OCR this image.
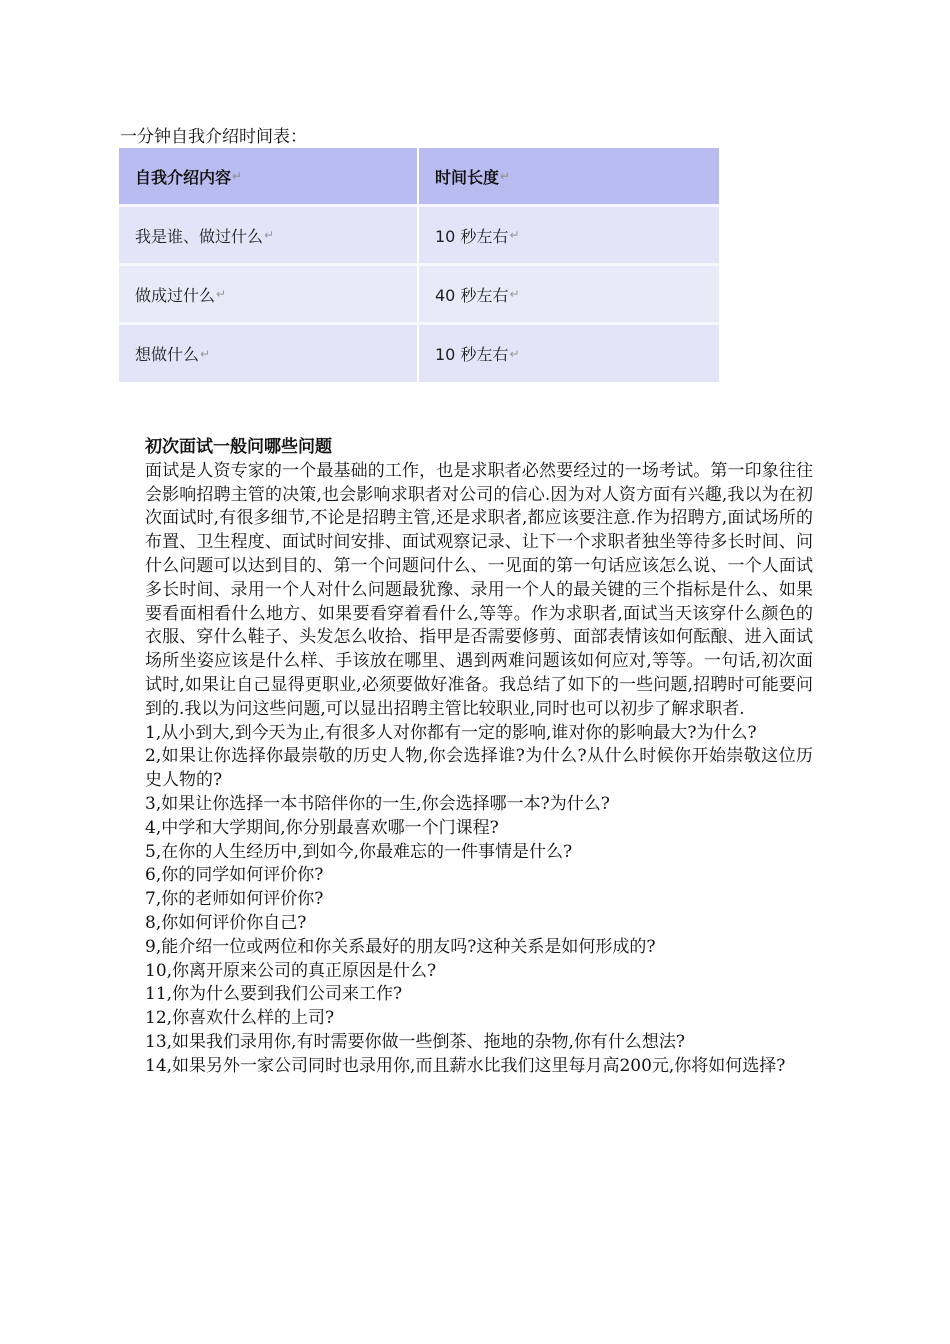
一分钟自我介绍时间表：
自我介绍内容 ↵	时间长度 ↵
我是谁、做过什么 ↵	10 秒左右 ↵
做成过什么 ↵	40 秒左右 ↵
想做什么 ↵	10 秒左右 ↵
初次面试一般问哪些问题

面试是人资专家的一个最基础的工作，也是求职者必然要经过的一场考试。第一印象往往会影响招聘主管的决策,也会影响求职者对公司的信心.因为对人资方面有兴趣,我以为在初次面试时,有很多细节,不论是招聘主管,还是求职者,都应该要注意.作为招聘方,面试场所的布置、卫生程度、面试时间安排、面试观察记录、让下一个求职者独坐等待多长时间、问什么问题可以达到目的、第一个问题问什么、一见面的第一句话应该怎么说、一个人面试多长时间、录用一个人对什么问题最犹豫、录用一个人的最关键的三个指标是什么、如果要看面相看什么地方、如果要看穿着看什么,等等。作为求职者,面试当天该穿什么颜色的衣服、穿什么鞋子、头发怎么收拾、指甲是否需要修剪、面部表情该如何酝酿、进入面试场所坐姿应该是什么样、手该放在哪里、遇到两难问题该如何应对,等等。一句话,初次面试时,如果让自己显得更职业,必须要做好准备。我总结了如下的一些问题,招聘时可能要问到的.我以为问这些问题,可以显出招聘主管比较职业,同时也可以初步了解求职者.

1,从小到大,到今天为止,有很多人对你都有一定的影响,谁对你的影响最大?为什么?

2,如果让你选择你最崇敬的历史人物,你会选择谁?为什么?从什么时候你开始崇敬这位历史人物的?

3,如果让你选择一本书陪伴你的一生,你会选择哪一本?为什么?

4,中学和大学期间,你分别最喜欢哪一个门课程?

5,在你的人生经历中,到如今,你最难忘的一件事情是什么?

6,你的同学如何评价你?

7,你的老师如何评价你?

8,你如何评价你自己?

9,能介绍一位或两位和你关系最好的朋友吗?这种关系是如何形成的?

10,你离开原来公司的真正原因是什么?

11,你为什么要到我们公司来工作?

12,你喜欢什么样的上司?

13,如果我们录用你,有时需要你做一些倒茶、拖地的杂物,你有什么想法?

14,如果另外一家公司同时也录用你,而且薪水比我们这里每月高200元,你将如何选择?
